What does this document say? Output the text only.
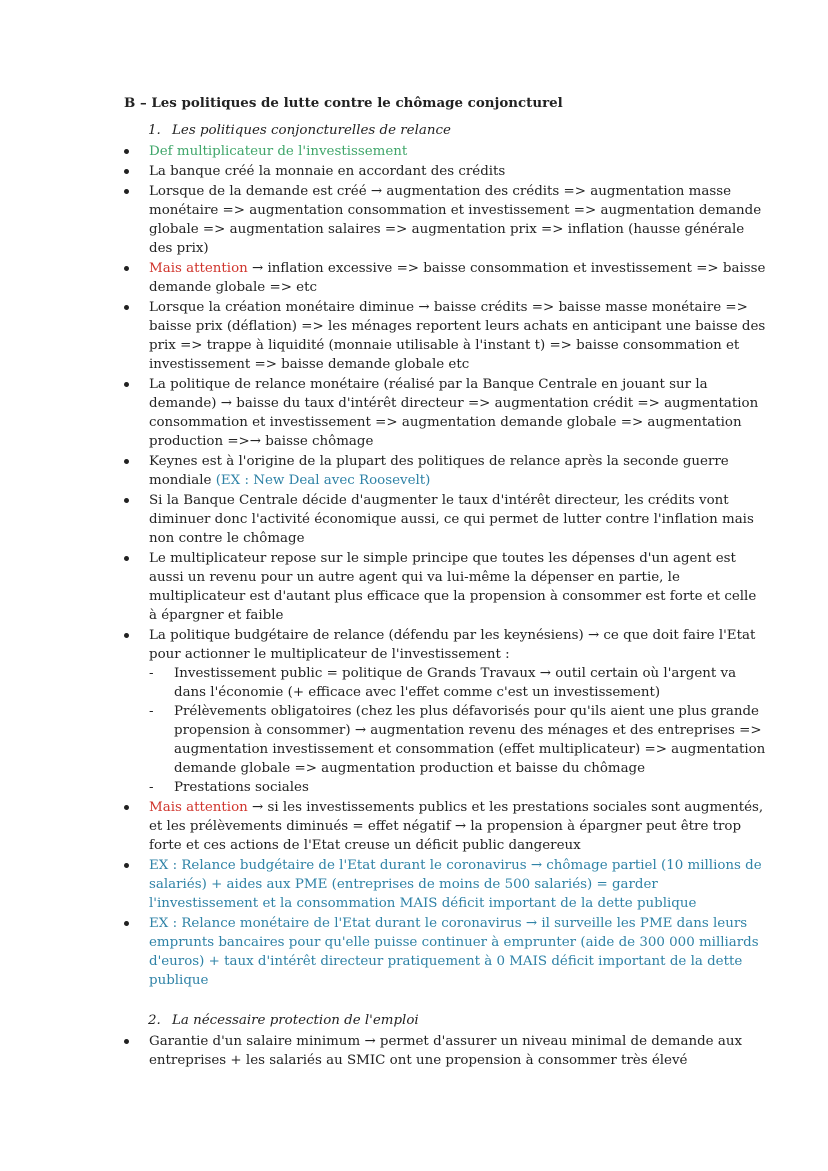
B – Les politiques de lutte contre le chômage conjoncturel
1. Les politiques conjoncturelles de relance
Def multiplicateur de l'investissement
La banque créé la monnaie en accordant des crédits
Lorsque de la demande est créé → augmentation des crédits => augmentation masse monétaire => augmentation consommation et investissement => augmentation demande globale => augmentation salaires => augmentation prix => inflation (hausse générale des prix)
Mais attention → inflation excessive => baisse consommation et investissement => baisse demande globale => etc
Lorsque la création monétaire diminue → baisse crédits => baisse masse monétaire => baisse prix (déflation) => les ménages reportent leurs achats en anticipant une baisse des prix => trappe à liquidité (monnaie utilisable à l'instant t) => baisse consommation et investissement => baisse demande globale etc
La politique de relance monétaire (réalisé par la Banque Centrale en jouant sur la demande) → baisse du taux d'intérêt directeur => augmentation crédit => augmentation consommation et investissement => augmentation demande globale => augmentation production =>→ baisse chômage
Keynes est à l'origine de la plupart des politiques de relance après la seconde guerre mondiale (EX : New Deal avec Roosevelt)
Si la Banque Centrale décide d'augmenter le taux d'intérêt directeur, les crédits vont diminuer donc l'activité économique aussi, ce qui permet de lutter contre l'inflation mais non contre le chômage
Le multiplicateur repose sur le simple principe que toutes les dépenses d'un agent est aussi un revenu pour un autre agent qui va lui-même la dépenser en partie, le multiplicateur est d'autant plus efficace que la propension à consommer est forte et celle à épargner et faible
La politique budgétaire de relance (défendu par les keynésiens) → ce que doit faire l'Etat pour actionner le multiplicateur de l'investissement :
- Investissement public = politique de Grands Travaux → outil certain où l'argent va dans l'économie (+ efficace avec l'effet comme c'est un investissement)
- Prélèvements obligatoires (chez les plus défavorisés pour qu'ils aient une plus grande propension à consommer) → augmentation revenu des ménages et des entreprises => augmentation investissement et consommation (effet multiplicateur) => augmentation demande globale => augmentation production et baisse du chômage
- Prestations sociales
Mais attention → si les investissements publics et les prestations sociales sont augmentés, et les prélèvements diminués = effet négatif → la propension à épargner peut être trop forte et ces actions de l'Etat creuse un déficit public dangereux
EX : Relance budgétaire de l'Etat durant le coronavirus → chômage partiel (10 millions de salariés) + aides aux PME (entreprises de moins de 500 salariés) = garder l'investissement et la consommation MAIS déficit important de la dette publique
EX : Relance monétaire de l'Etat durant le coronavirus → il surveille les PME dans leurs emprunts bancaires pour qu'elle puisse continuer à emprunter (aide de 300 000 milliards d'euros) + taux d'intérêt directeur pratiquement à 0 MAIS déficit important de la dette publique
2. La nécessaire protection de l'emploi
Garantie d'un salaire minimum → permet d'assurer un niveau minimal de demande aux entreprises + les salariés au SMIC ont une propension à consommer très élevé
